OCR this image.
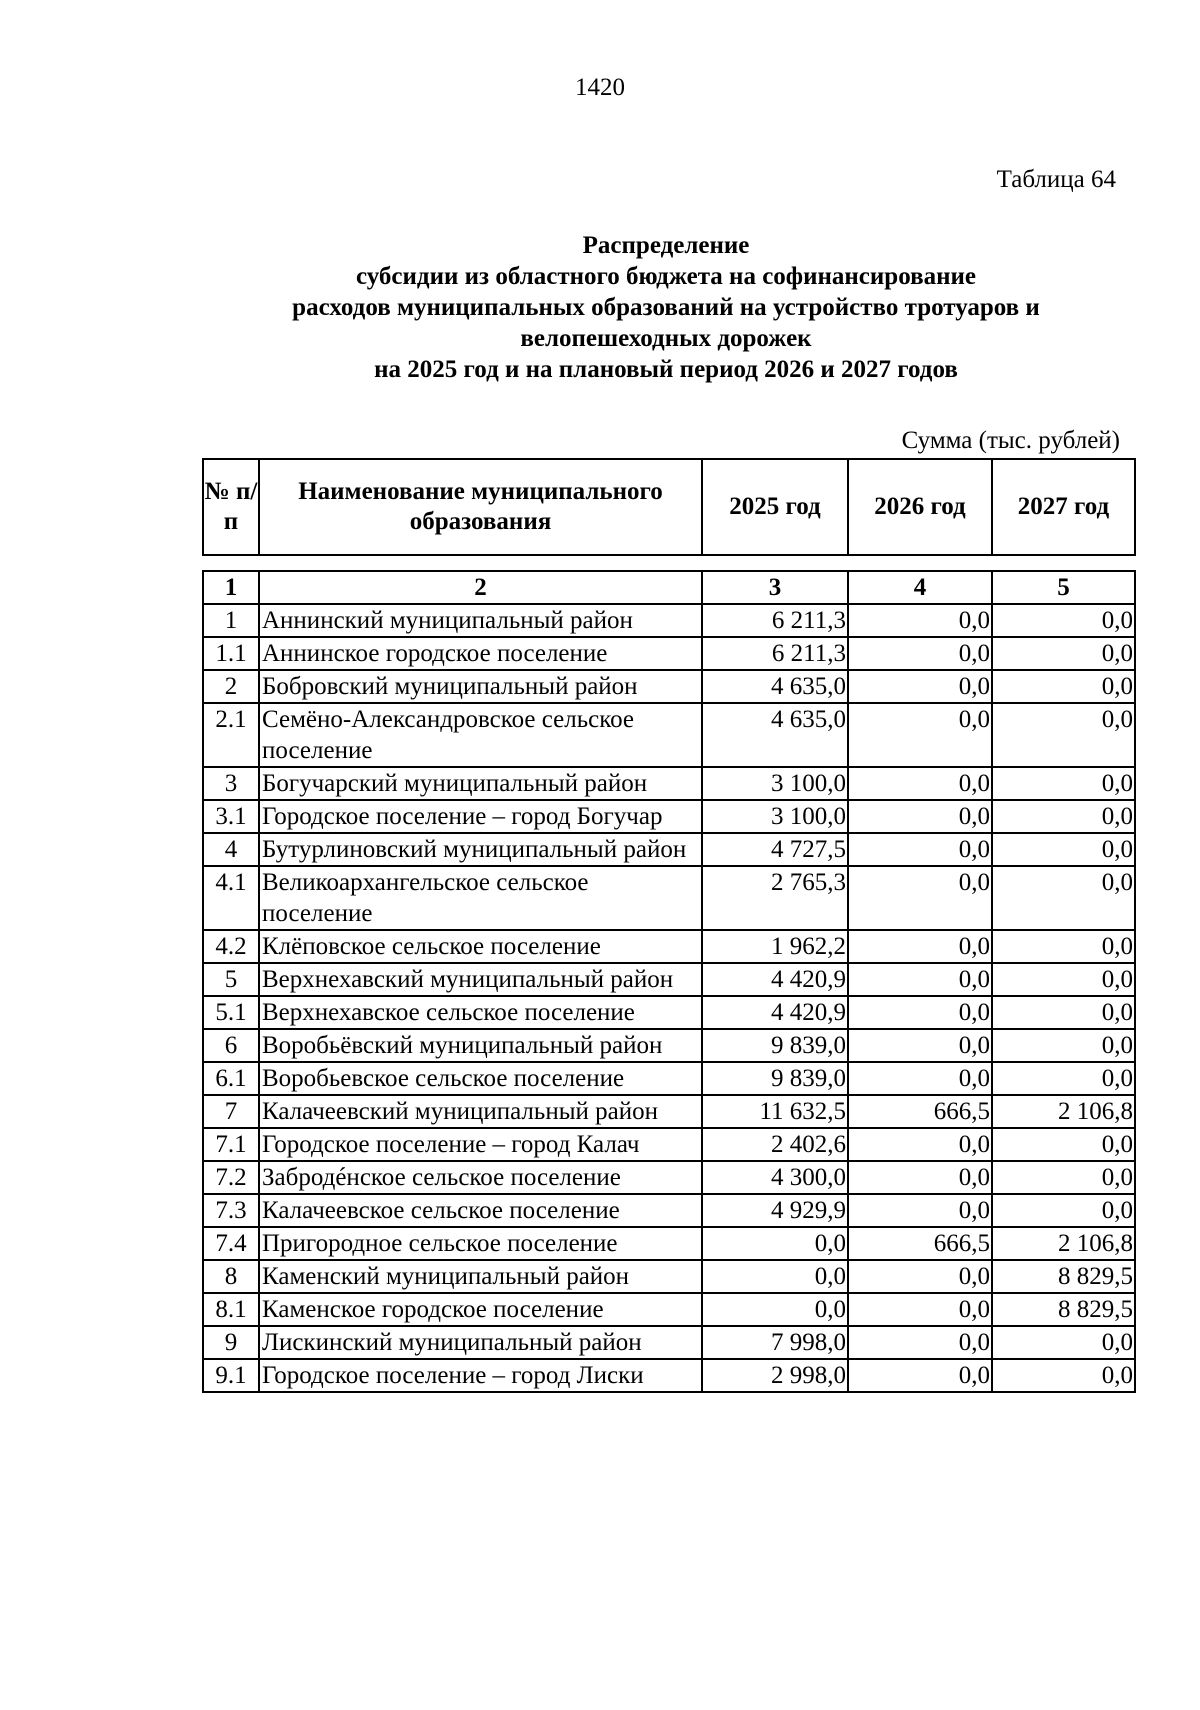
1420
Таблица 64
Распределение
субсидии из областного бюджета на софинансирование
расходов муниципальных образований на устройство тротуаров и
велопешеходных дорожек
на 2025 год и на плановый период 2026 и 2027 годов
Сумма (тыс. рублей)
№ п/п	Наименование муниципального образования	2025 год	2026 год	2027 год
1	2	3	4	5
1	Аннинский муниципальный район	6 211,3	0,0	0,0
1.1	Аннинское городское поселение	6 211,3	0,0	0,0
2	Бобровский муниципальный район	4 635,0	0,0	0,0
2.1	Семёно-Александровское сельское поселение	4 635,0	0,0	0,0
3	Богучарский муниципальный район	3 100,0	0,0	0,0
3.1	Городское поселение – город Богучар	3 100,0	0,0	0,0
4	Бутурлиновский муниципальный район	4 727,5	0,0	0,0
4.1	Великоархангельское сельское поселение	2 765,3	0,0	0,0
4.2	Клёповское сельское поселение	1 962,2	0,0	0,0
5	Верхнехавский муниципальный район	4 420,9	0,0	0,0
5.1	Верхнехавское сельское поселение	4 420,9	0,0	0,0
6	Воробьёвский муниципальный район	9 839,0	0,0	0,0
6.1	Воробьевское сельское поселение	9 839,0	0,0	0,0
7	Калачеевский муниципальный район	11 632,5	666,5	2 106,8
7.1	Городское поселение – город Калач	2 402,6	0,0	0,0
7.2	Забродéнское сельское поселение	4 300,0	0,0	0,0
7.3	Калачеевское сельское поселение	4 929,9	0,0	0,0
7.4	Пригородное сельское поселение	0,0	666,5	2 106,8
8	Каменский муниципальный район	0,0	0,0	8 829,5
8.1	Каменское городское поселение	0,0	0,0	8 829,5
9	Лискинский муниципальный район	7 998,0	0,0	0,0
9.1	Городское поселение – город Лиски	2 998,0	0,0	0,0
